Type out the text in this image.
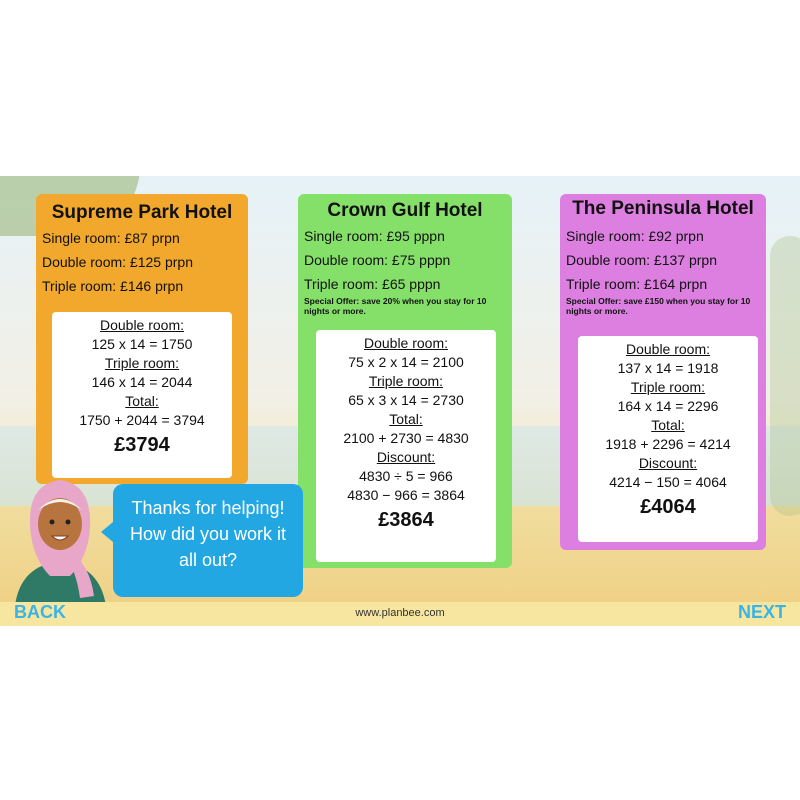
Supreme Park Hotel
Single room: £87 prpn
Double room: £125 prpn
Triple room: £146 prpn
Double room:
125 x 14 = 1750
Triple room:
146 x 14 = 2044
Total:
1750 + 2044 = 3794
£3794
Crown Gulf Hotel
Single room: £95 pppn
Double room: £75 pppn
Triple room: £65 pppn
Special Offer: save 20% when you stay for 10 nights or more.
Double room:
75 x 2 x 14 = 2100
Triple room:
65 x 3 x 14 = 2730
Total:
2100 + 2730 = 4830
Discount:
4830 ÷ 5 = 966
4830 − 966 = 3864
£3864
The Peninsula Hotel
Single room: £92 prpn
Double room: £137 prpn
Triple room: £164 prpn
Special Offer: save £150 when you stay for 10 nights or more.
Double room:
137 x 14 = 1918
Triple room:
164 x 14 = 2296
Total:
1918 + 2296 = 4214
Discount:
4214 − 150 = 4064
£4064
Thanks for helping!
How did you work it
all out?
BACK	www.planbee.com	NEXT
